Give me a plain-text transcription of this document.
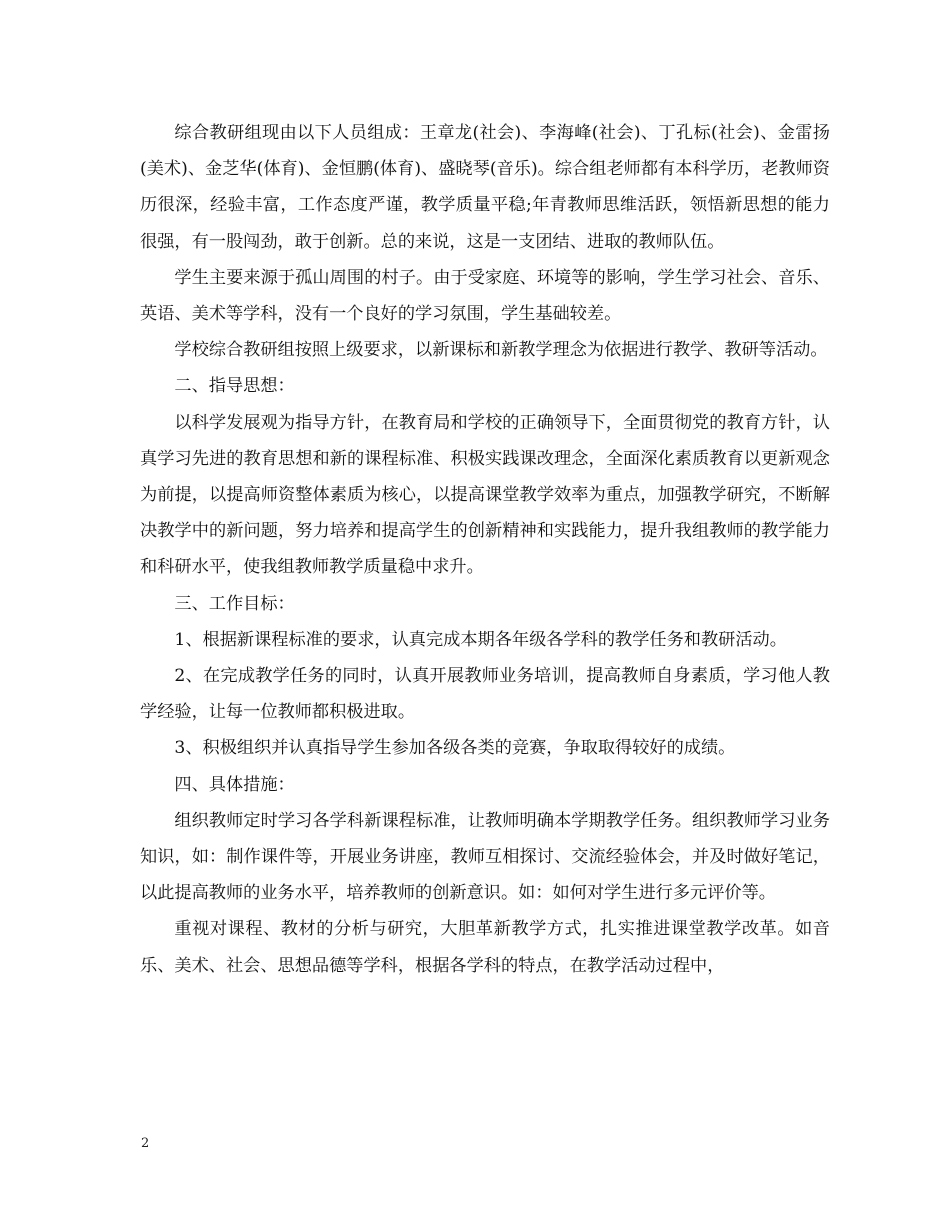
综合教研组现由以下人员组成：王章龙(社会)、李海峰(社会)、丁孔标(社会)、金雷扬(美术)、金芝华(体育)、金恒鹏(体育)、盛晓琴(音乐)。综合组老师都有本科学历，老教师资历很深，经验丰富，工作态度严谨，教学质量平稳;年青教师思维活跃，领悟新思想的能力很强，有一股闯劲，敢于创新。总的来说，这是一支团结、进取的教师队伍。

学生主要来源于孤山周围的村子。由于受家庭、环境等的影响，学生学习社会、音乐、英语、美术等学科，没有一个良好的学习氛围，学生基础较差。

学校综合教研组按照上级要求，以新课标和新教学理念为依据进行教学、教研等活动。

二、指导思想：

以科学发展观为指导方针，在教育局和学校的正确领导下，全面贯彻党的教育方针，认真学习先进的教育思想和新的课程标准、积极实践课改理念，全面深化素质教育以更新观念为前提，以提高师资整体素质为核心，以提高课堂教学效率为重点，加强教学研究，不断解决教学中的新问题，努力培养和提高学生的创新精神和实践能力，提升我组教师的教学能力和科研水平，使我组教师教学质量稳中求升。

三、工作目标：

1、根据新课程标准的要求，认真完成本期各年级各学科的教学任务和教研活动。

2、在完成教学任务的同时，认真开展教师业务培训，提高教师自身素质，学习他人教学经验，让每一位教师都积极进取。

3、积极组织并认真指导学生参加各级各类的竞赛，争取取得较好的成绩。

四、具体措施：

组织教师定时学习各学科新课程标准，让教师明确本学期教学任务。组织教师学习业务知识，如：制作课件等，开展业务讲座，教师互相探讨、交流经验体会，并及时做好笔记，以此提高教师的业务水平，培养教师的创新意识。如：如何对学生进行多元评价等。

重视对课程、教材的分析与研究，大胆革新教学方式，扎实推进课堂教学改革。如音乐、美术、社会、思想品德等学科，根据各学科的特点，在教学活动过程中，

2
